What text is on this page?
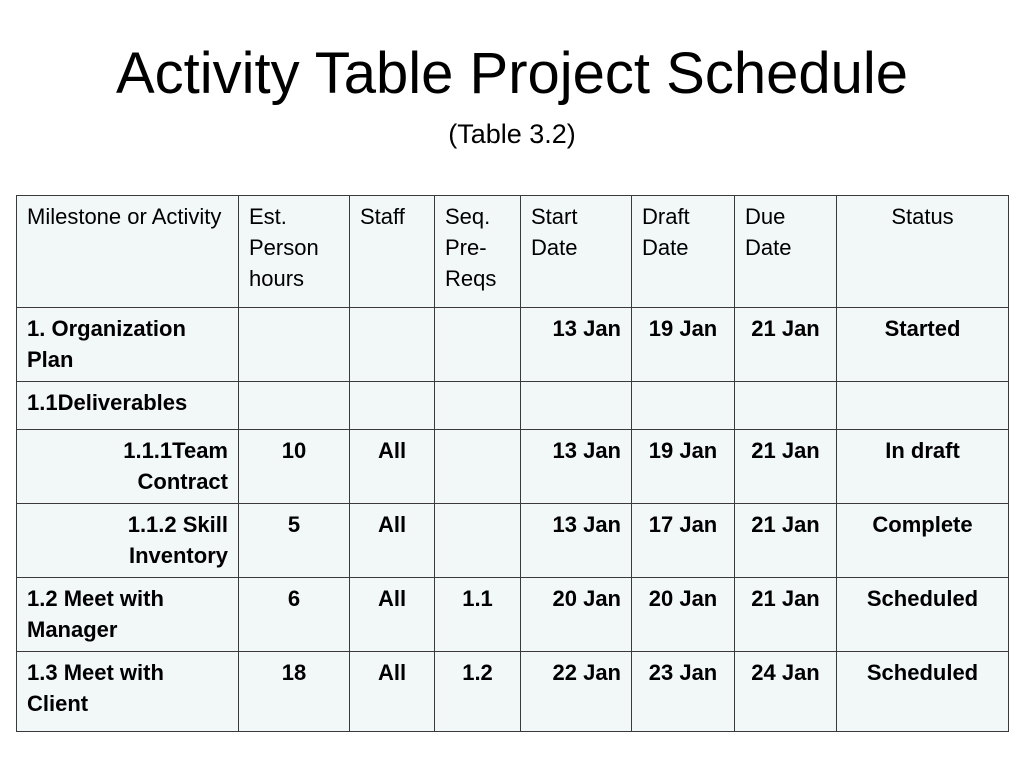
Activity Table Project Schedule
(Table 3.2)
Milestone or Activity	Est. Person hours	Staff	Seq. Pre-Reqs	Start Date	Draft Date	Due Date	Status
1. Organization Plan				13 Jan	19 Jan	21 Jan	Started
1.1Deliverables							
1.1.1Team Contract	10	All		13 Jan	19 Jan	21 Jan	In draft
1.1.2 Skill Inventory	5	All		13 Jan	17 Jan	21 Jan	Complete
1.2 Meet with Manager	6	All	1.1	20 Jan	20 Jan	21 Jan	Scheduled
1.3 Meet with Client	18	All	1.2	22 Jan	23 Jan	24 Jan	Scheduled
